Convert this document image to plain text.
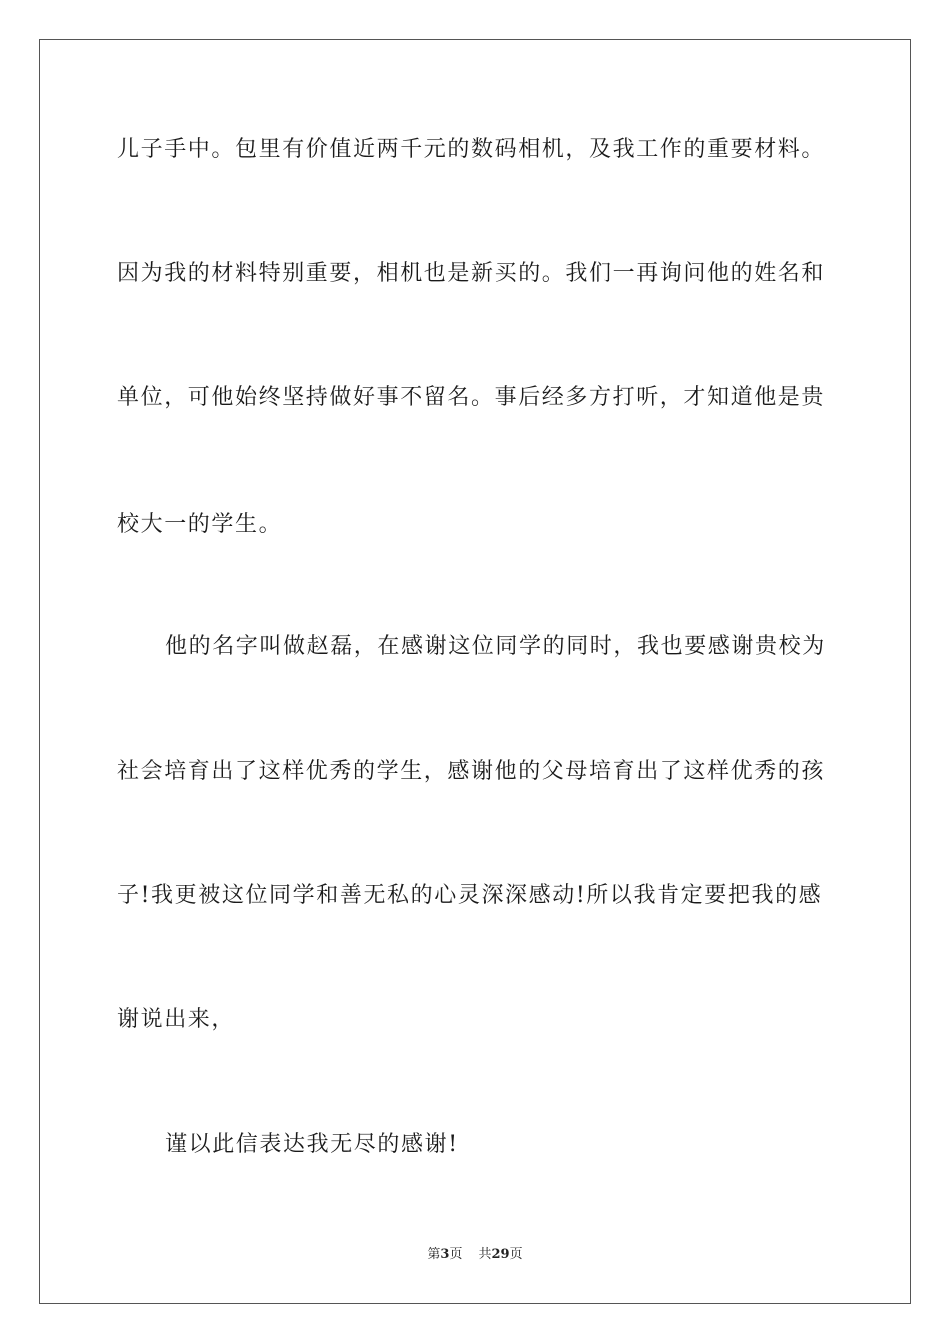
儿子手中。包里有价值近两千元的数码相机，及我工作的重要材料。
因为我的材料特别重要，相机也是新买的。我们一再询问他的姓名和
单位，可他始终坚持做好事不留名。事后经多方打听，才知道他是贵
校大一的学生。
他的名字叫做赵磊，在感谢这位同学的同时，我也要感谢贵校为
社会培育出了这样优秀的学生，感谢他的父母培育出了这样优秀的孩
子!我更被这位同学和善无私的心灵深深感动!所以我肯定要把我的感
谢说出来，
谨以此信表达我无尽的感谢!
第3页 共29页
